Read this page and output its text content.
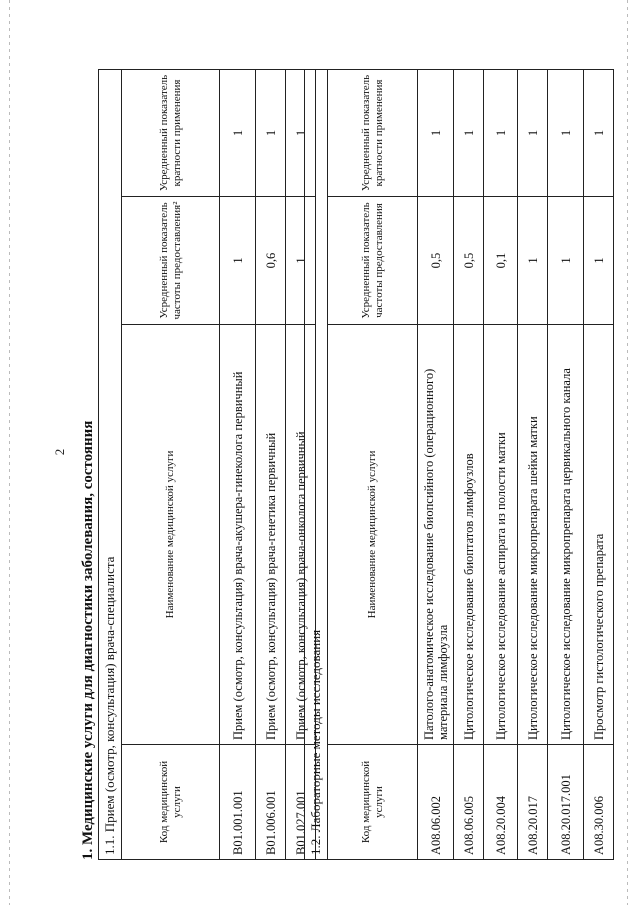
2 1. Медицинские услуги для диагностики заболевания, состояния 1.1. Прием (осмотр, консультация) врача-специалиста			
Код медицинской услуги	Наименование медицинской услуги	Усредненный показатель частоты предоставления²	Усредненный показатель кратности применения
B01.001.001	Прием (осмотр, консультация) врача-акушера-гинеколога первичный	1	1
B01.006.001	Прием (осмотр, консультация) врача-генетика первичный	0,6	1
B01.027.001	Прием (осмотр, консультация) врача-онколога первичный	1	1
1.2. Лабораторные методы исследования			
Код медицинской услуги	Наименование медицинской услуги	Усредненный показатель частоты предоставления	Усредненный показатель кратности применения
A08.06.002	Патолого-анатомическое исследование биопсийного (операционного) материала лимфоузла	0,5	1
A08.06.005	Цитологическое исследование биоптатов лимфоузлов	0,5	1
A08.20.004	Цитологическое исследование аспирата из полости матки	0,1	1
A08.20.017	Цитологическое исследование микропрепарата шейки матки	1	1
A08.20.017.001	Цитологическое исследование микропрепарата цервикального канала	1	1
A08.30.006	Просмотр гистологического препарата	1	1
